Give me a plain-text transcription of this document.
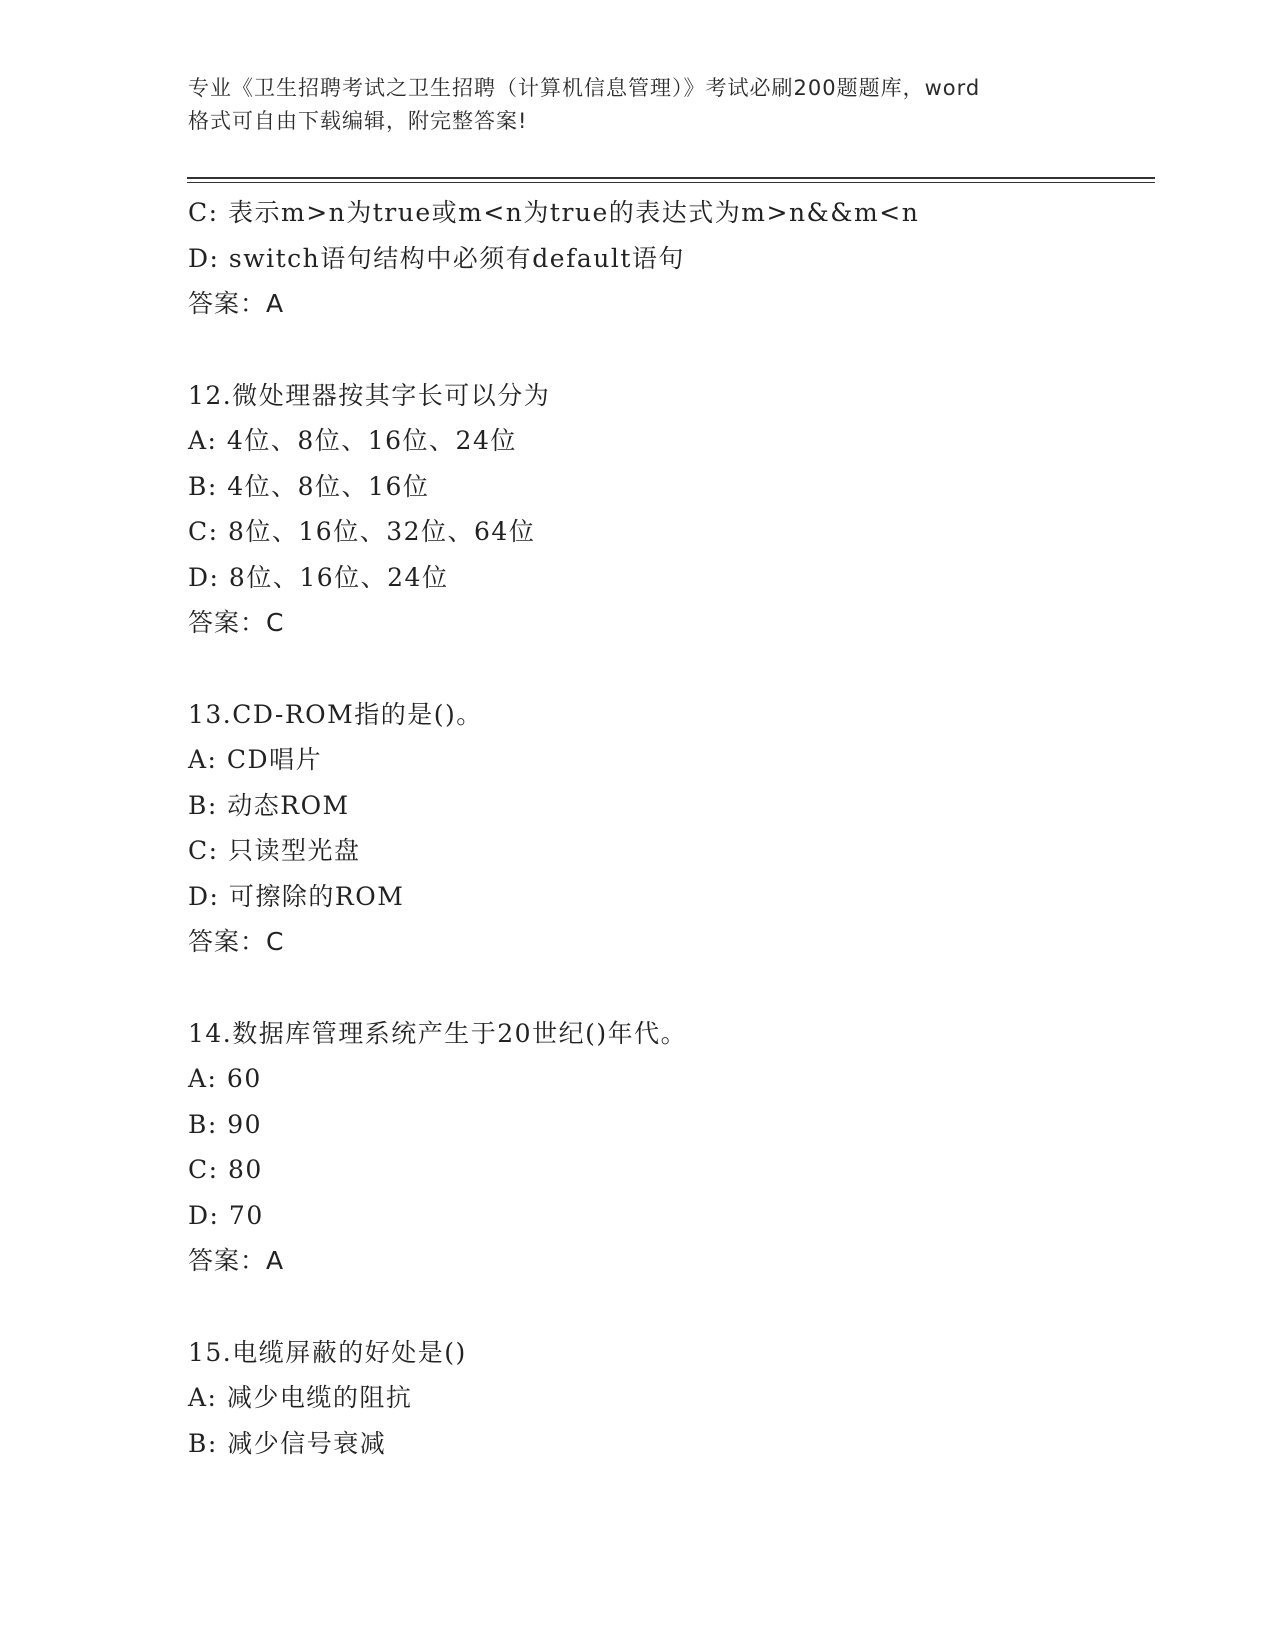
专业《卫生招聘考试之卫生招聘（计算机信息管理）》考试必刷200题题库，word
格式可自由下载编辑，附完整答案!
C: 表示m>n为true或m<n为true的表达式为m>n&&m<n
D: switch语句结构中必须有default语句
答案：A
12.微处理器按其字长可以分为
A: 4位、8位、16位、24位
B: 4位、8位、16位
C: 8位、16位、32位、64位
D: 8位、16位、24位
答案：C
13.CD-ROM指的是()。
A: CD唱片
B: 动态ROM
C: 只读型光盘
D: 可擦除的ROM
答案：C
14.数据库管理系统产生于20世纪()年代。
A: 60
B: 90
C: 80
D: 70
答案：A
15.电缆屏蔽的好处是()
A: 减少电缆的阻抗
B: 减少信号衰减
